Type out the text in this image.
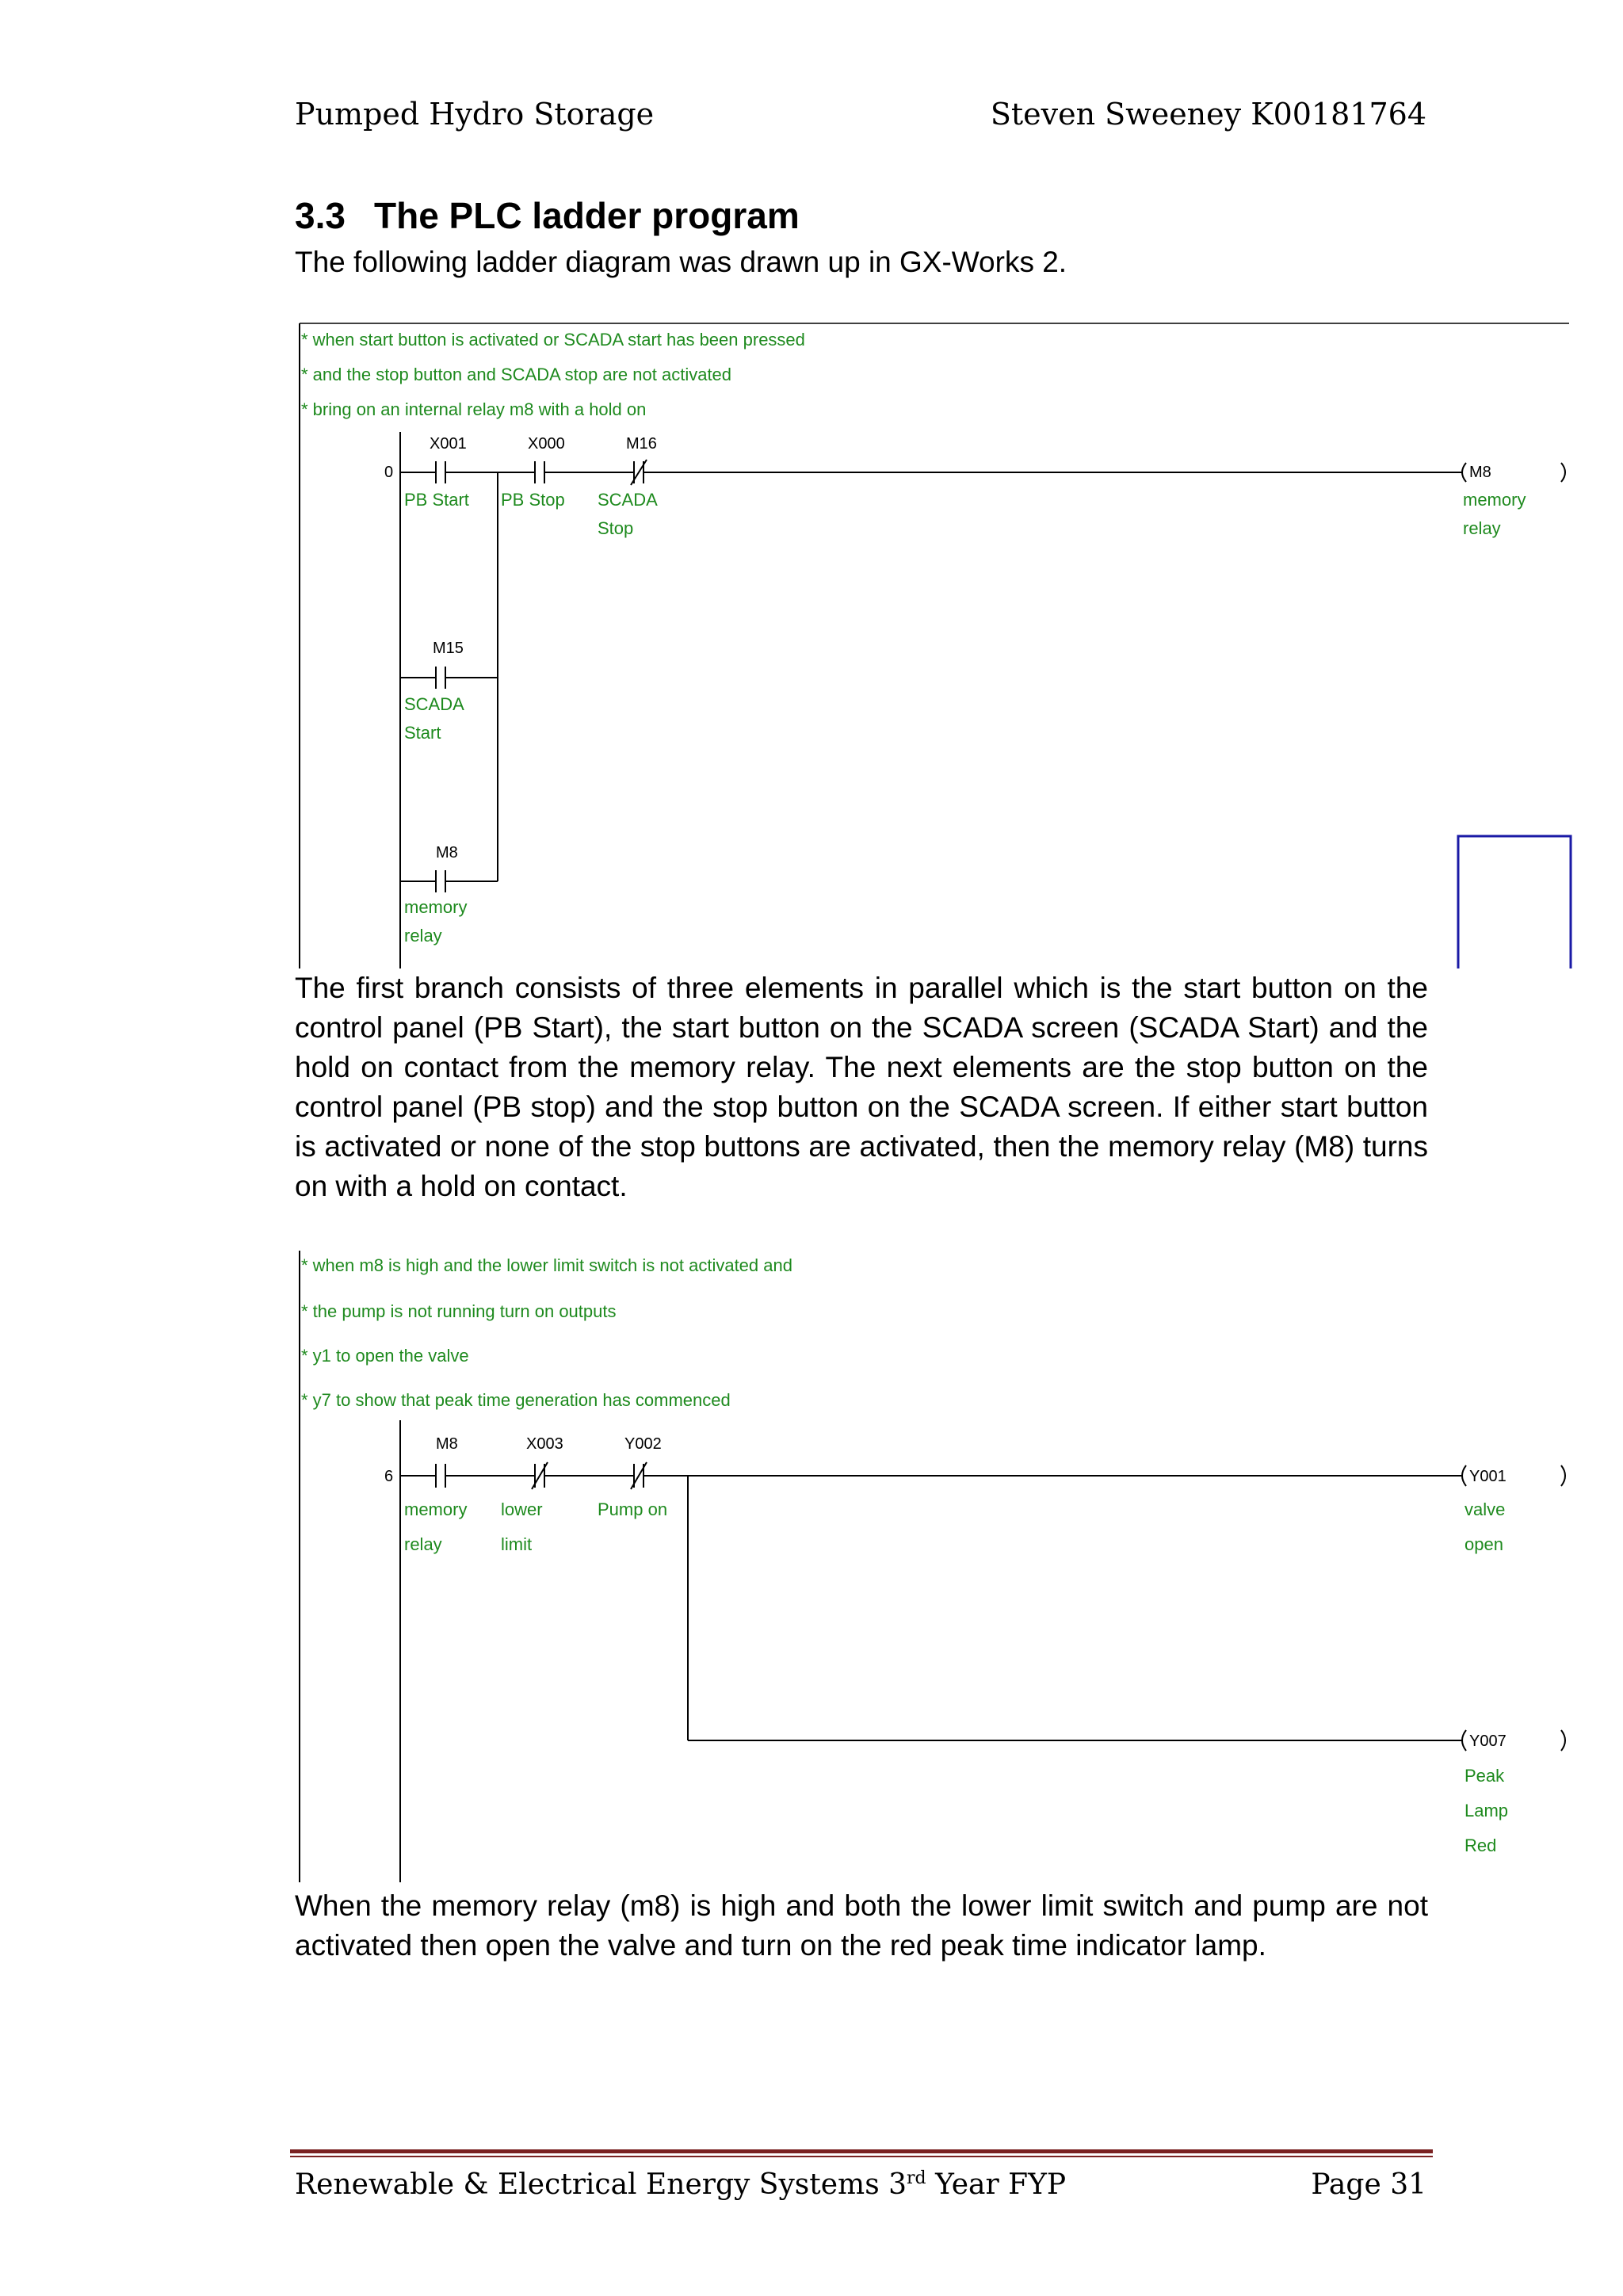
Pumped Hydro Storage	Steven Sweeney K00181764
3.3 The PLC ladder program
The following ladder diagram was drawn up in GX-Works 2.
* when start button is activated or SCADA start has been pressed
* and the stop button and SCADA stop are not activated
* bring on an internal relay m8 with a hold on
0
X001
PB Start
X000
PB Stop
M16
SCADA
Stop
M8
memory
relay
M15
SCADA
Start
M8
memory
relay
The first branch consists of three elements in parallel which is the start button on the control panel (PB Start), the start button on the SCADA screen (SCADA Start) and the hold on contact from the memory relay. The next elements are the stop button on the control panel (PB stop) and the stop button on the SCADA screen. If either start button is activated or none of the stop buttons are activated, then the memory relay (M8) turns on with a hold on contact.
* when m8 is high and the lower limit switch is not activated and
* the pump is not running turn on outputs
* y1 to open the valve
* y7 to show that peak time generation has commenced
6
M8
memory
relay
X003
lower
limit
Y002
Pump on
Y001
valve
open
Y007
Peak
Lamp
Red
When the memory relay (m8) is high and both the lower limit switch and pump are not activated then open the valve and turn on the red peak time indicator lamp.
Renewable & Electrical Energy Systems 3rd Year FYP	Page 31
